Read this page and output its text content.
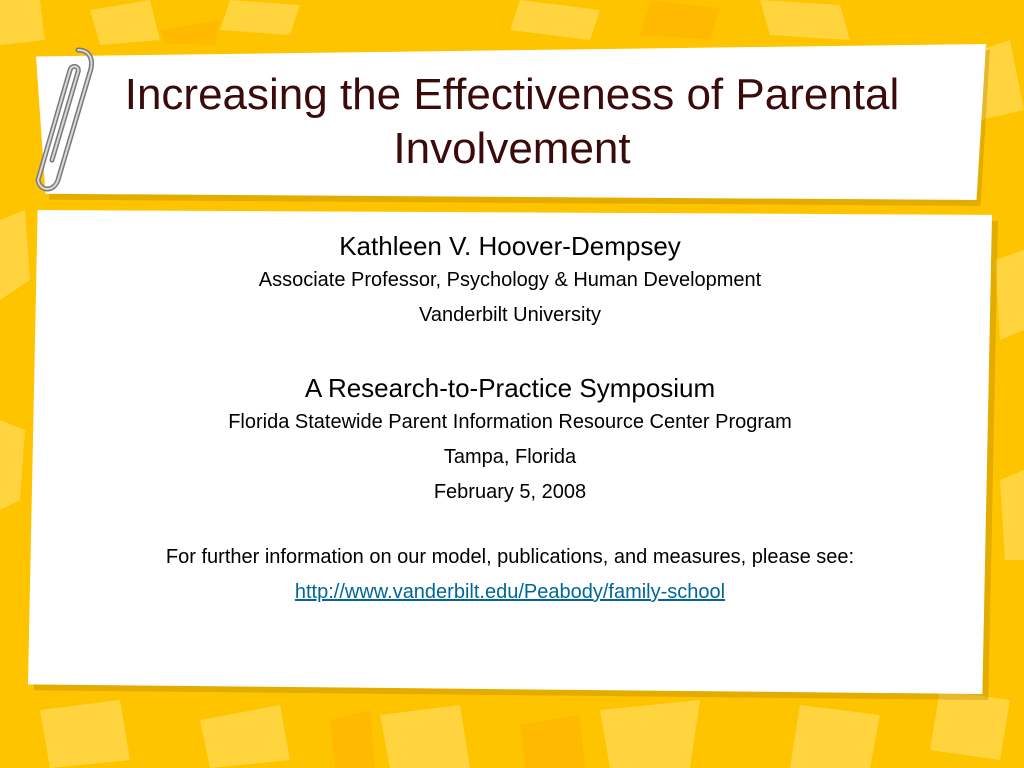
Increasing the Effectiveness of Parental Involvement
Kathleen V. Hoover-Dempsey
Associate Professor, Psychology & Human Development
Vanderbilt University
A Research-to-Practice Symposium
Florida Statewide Parent Information Resource Center Program
Tampa, Florida
February 5, 2008
For further information on our model, publications, and measures, please see:
http://www.vanderbilt.edu/Peabody/family-school
